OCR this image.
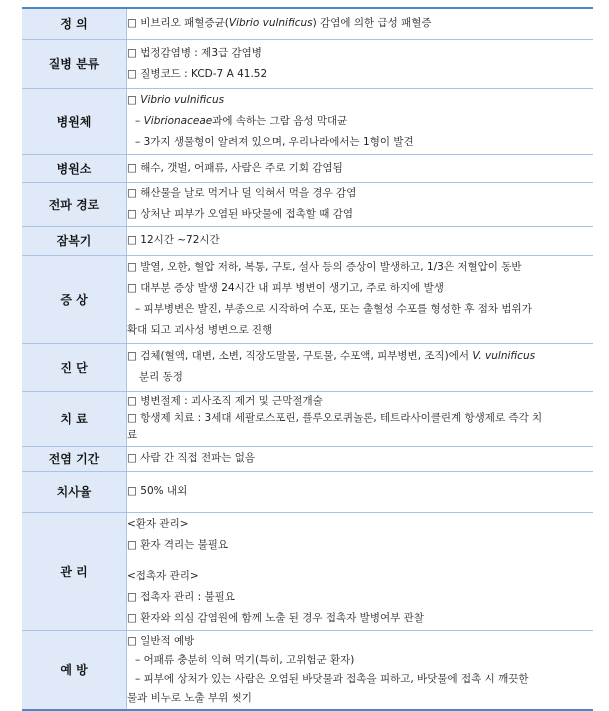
정 의	□ 비브리오 패혈증균(Vibrio vulnificus) 감염에 의한 급성 패혈증

질병 분류	□ 법정감염병 : 제3급 감염병
□ 질병코드 : KCD-7 A 41.52

병원체	□ Vibrio vulnificus
– Vibrionaceae과에 속하는 그람 음성 막대균
– 3가지 생물형이 알려져 있으며, 우리나라에서는 1형이 발견

병원소	□ 해수, 갯벌, 어패류, 사람은 주로 기회 감염됨

전파 경로	□ 해산물을 날로 먹거나 덜 익혀서 먹을 경우 감염
□ 상처난 피부가 오염된 바닷물에 접촉할 때 감염

잠복기	□ 12시간 ~72시간

증 상	□ 발열, 오한, 혈압 저하, 복통, 구토, 설사 등의 증상이 발생하고, 1/3은 저혈압이 동반
□ 대부분 증상 발생 24시간 내 피부 병변이 생기고, 주로 하지에 발생
– 피부병변은 발진, 부종으로 시작하여 수포, 또는 출혈성 수포를 형성한 후 점차 범위가
확대 되고 괴사성 병변으로 진행

진 단	□ 검체(혈액, 대변, 소변, 직장도말물, 구토물, 수포액, 피부병변, 조직)에서 V. vulnificus
분리 동정

치 료	□ 병변절제 : 괴사조직 제거 및 근막절개술
□ 항생제 치료 : 3세대 세팔로스포린, 플루오로퀴놀론, 테트라사이클린계 항생제로 즉각 치
료

전염 기간	□ 사람 간 직접 전파는 없음

치사율	□ 50% 내외

관 리	<환자 관리>
□ 환자 격리는 불필요
<접촉자 관리>
□ 접촉자 관리 : 불필요
□ 환자와 의심 감염원에 함께 노출 된 경우 접촉자 발병여부 관찰

예 방	□ 일반적 예방
– 어패류 충분히 익혀 먹기(특히, 고위험군 환자)
– 피부에 상처가 있는 사람은 오염된 바닷물과 접촉을 피하고, 바닷물에 접촉 시 깨끗한
물과 비누로 노출 부위 씻기
